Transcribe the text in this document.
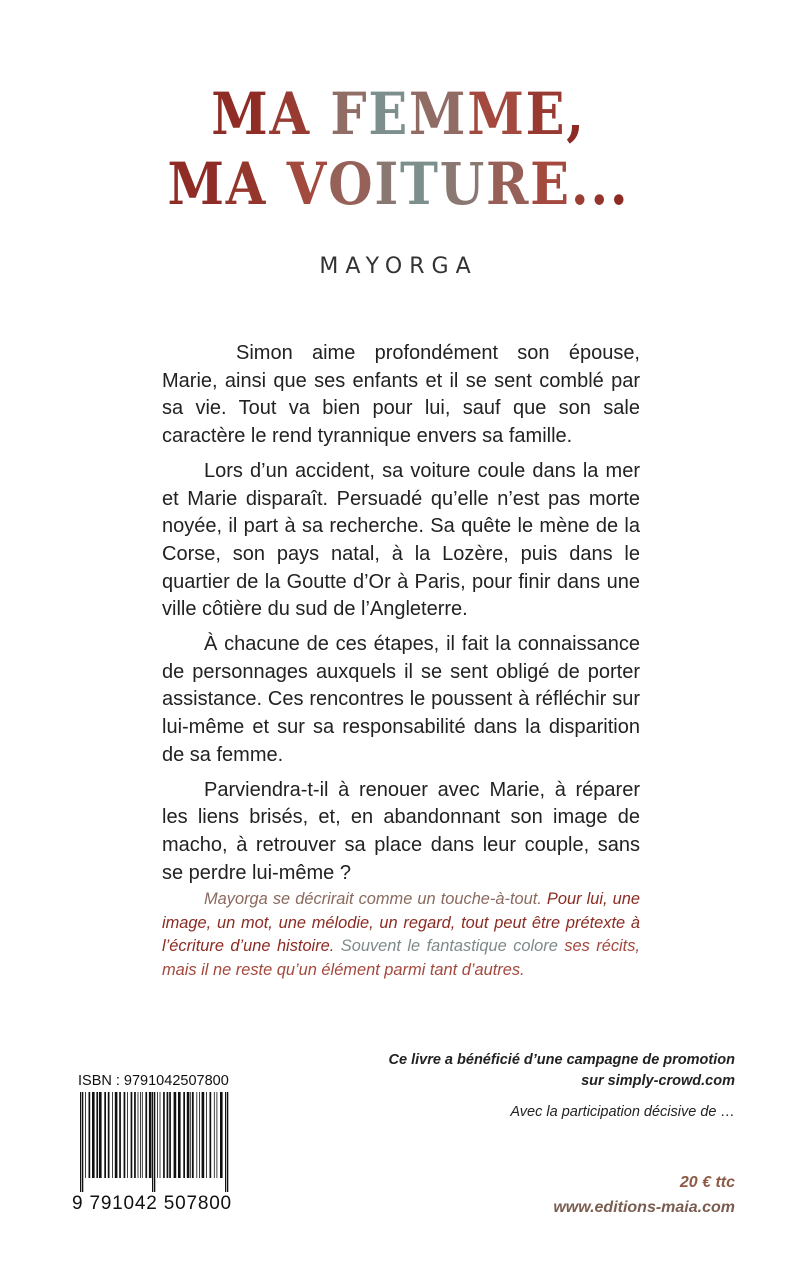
MA FEMME,
MA VOITURE...
MAYORGA

Simon aime profondément son épouse, Marie, ainsi que ses enfants et il se sent comblé par sa vie. Tout va bien pour lui, sauf que son sale caractère le rend tyrannique envers sa famille.

Lors d’un accident, sa voiture coule dans la mer et Marie disparaît. Persuadé qu’elle n’est pas morte noyée, il part à sa recherche. Sa quête le mène de la Corse, son pays natal, à la Lozère, puis dans le quartier de la Goutte d’Or à Paris, pour finir dans une ville côtière du sud de l’Angleterre.

À chacune de ces étapes, il fait la connaissance de personnages auxquels il se sent obligé de porter assistance. Ces rencontres le poussent à réfléchir sur lui-même et sur sa responsabilité dans la disparition de sa femme.

Parviendra-t-il à renouer avec Marie, à réparer les liens brisés, et, en abandonnant son image de macho, à retrouver sa place dans leur couple, sans se perdre lui-même ?

Mayorga se décrirait comme un touche-à-tout. Pour lui, une image, un mot, une mélodie, un regard, tout peut être prétexte à l’écriture d’une histoire. Souvent le fantastique colore ses récits, mais il ne reste qu’un élément parmi tant d’autres.
Ce livre a bénéficié d’une campagne de promotion
sur simply-crowd.com
Avec la participation décisive de …
ISBN : 9791042507800
9 791042 507800
20 € ttc
www.editions-maia.com
